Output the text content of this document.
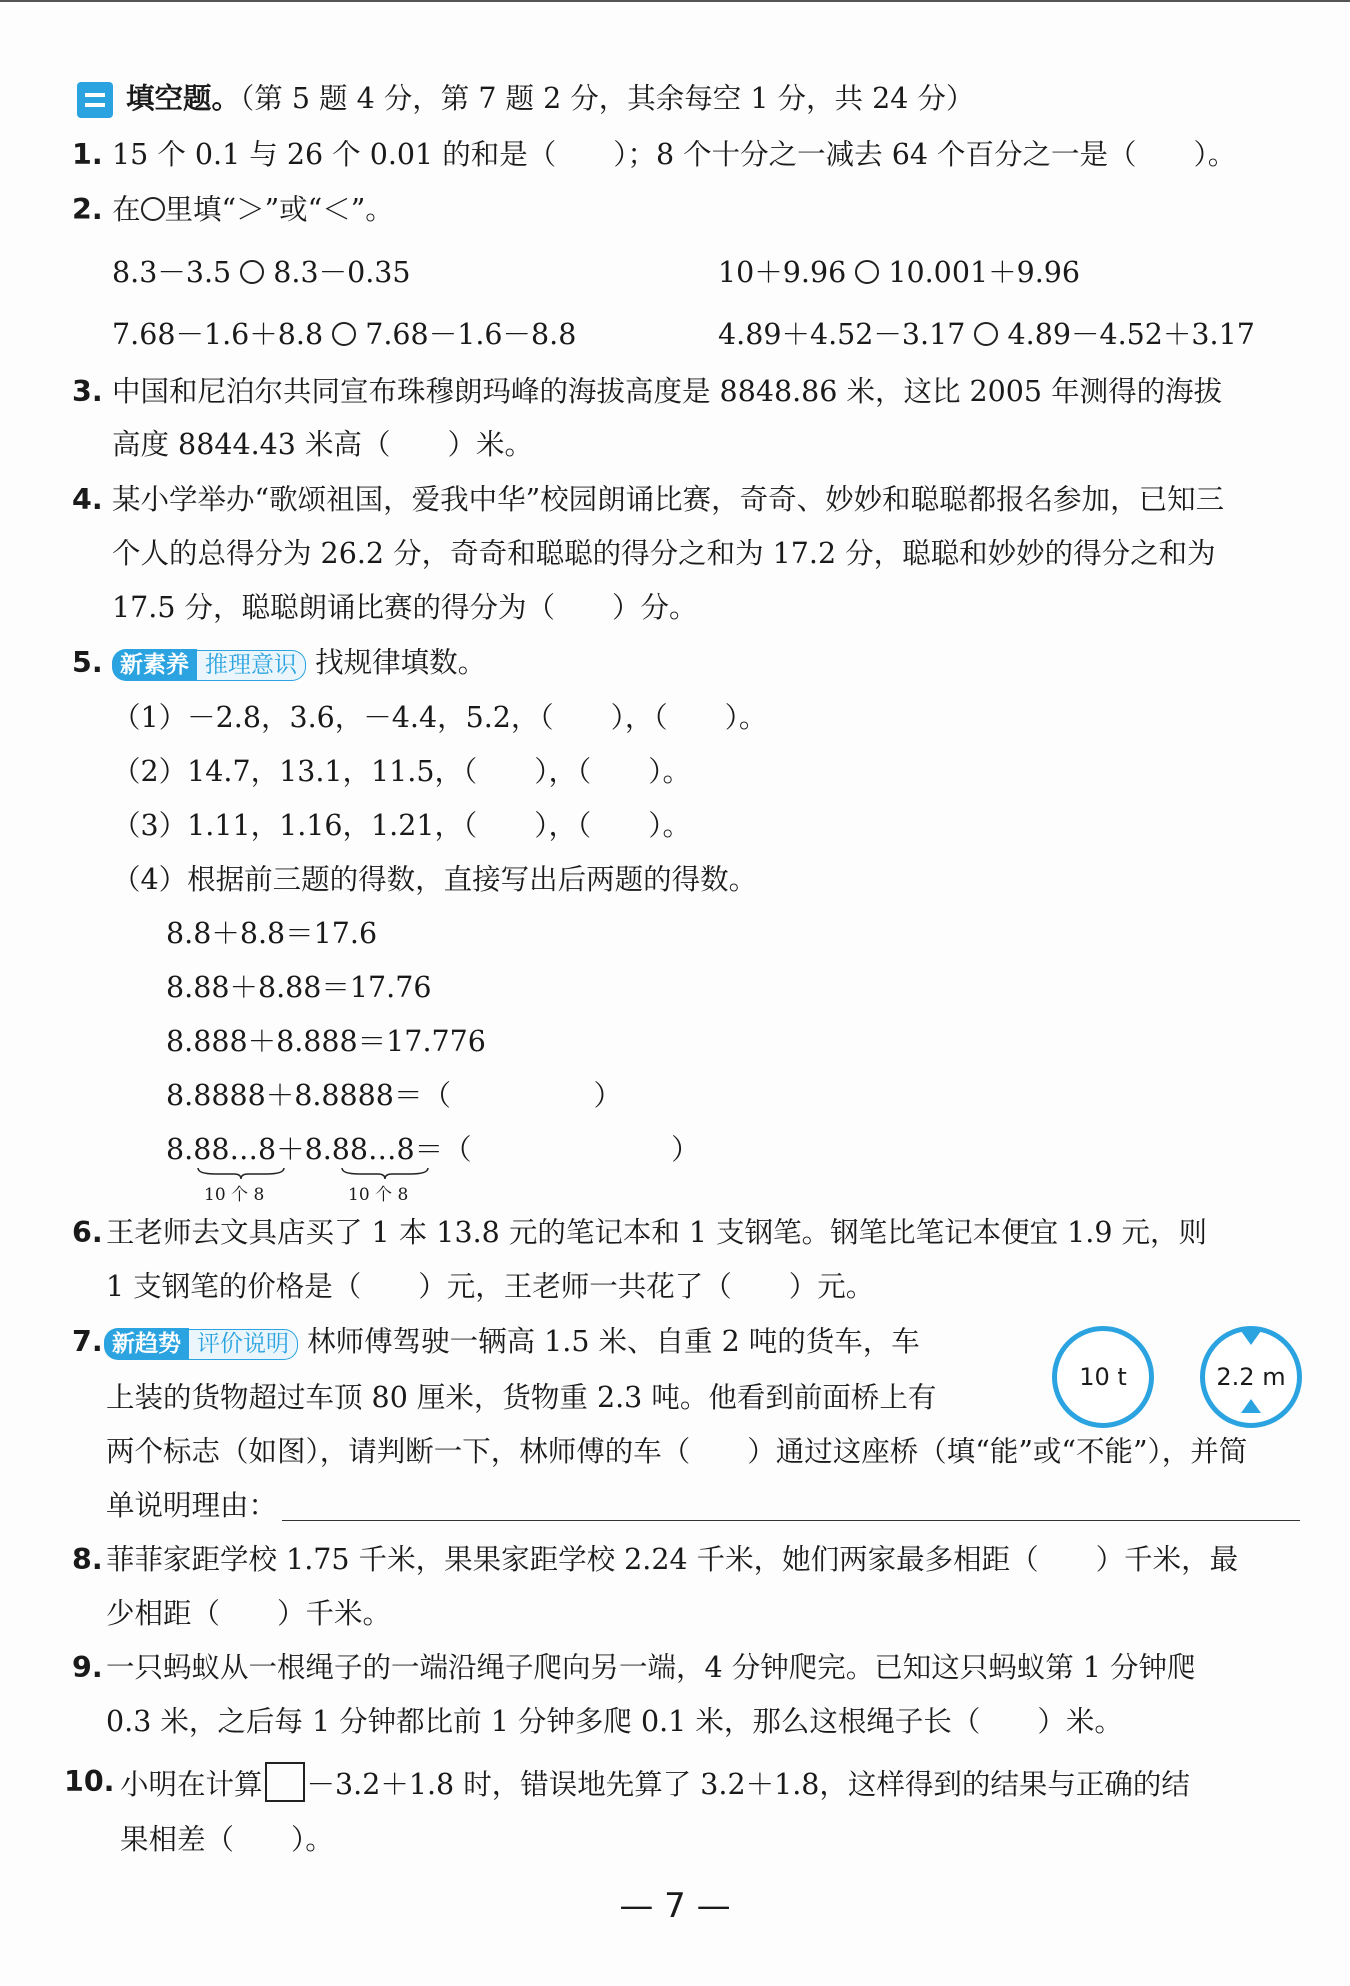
填空题。（第 5 题 4 分，第 7 题 2 分，其余每空 1 分，共 24 分）
1. 15 个 0.1 与 26 个 0.01 的和是（　　）；8 个十分之一减去 64 个百分之一是（　　）。
2. 在 里填“＞”或“＜”。
8.3－3.5 8.3－0.35	10＋9.96 10.001＋9.96
7.68－1.6＋8.8 7.68－1.6－8.8	4.89＋4.52－3.17 4.89－4.52＋3.17
3. 中国和尼泊尔共同宣布珠穆朗玛峰的海拔高度是 8848.86 米，这比 2005 年测得的海拔
高度 8844.43 米高（　　）米。
4. 某小学举办“歌颂祖国，爱我中华”校园朗诵比赛，奇奇、妙妙和聪聪都报名参加，已知三
个人的总得分为 26.2 分，奇奇和聪聪的得分之和为 17.2 分，聪聪和妙妙的得分之和为
17.5 分，聪聪朗诵比赛的得分为（　　）分。
5. 新素养 推理意识 找规律填数。
（1）－2.8，3.6，－4.4，5.2，（　　），（　　）。
（2）14.7，13.1，11.5，（　　），（　　）。
（3）1.11，1.16，1.21，（　　），（　　）。
（4）根据前三题的得数，直接写出后两题的得数。
8.8＋8.8＝17.6
8.88＋8.88＝17.76
8.888＋8.888＝17.776
8.8888＋8.8888＝（　　　　　）
8.88…8＋8.88…8＝（　　　　　　　）
10 个 8	10 个 8
6. 王老师去文具店买了 1 本 13.8 元的笔记本和 1 支钢笔。钢笔比笔记本便宜 1.9 元，则
1 支钢笔的价格是（　　）元，王老师一共花了（　　）元。
7. 新趋势 评价说明 林师傅驾驶一辆高 1.5 米、自重 2 吨的货车，车
上装的货物超过车顶 80 厘米，货物重 2.3 吨。他看到前面桥上有
两个标志（如图），请判断一下，林师傅的车（　　）通过这座桥（填“能”或“不能”），并简
单说明理由：
10 t	2.2 m
8. 菲菲家距学校 1.75 千米，果果家距学校 2.24 千米，她们两家最多相距（　　）千米，最
少相距（　　）千米。
9. 一只蚂蚁从一根绳子的一端沿绳子爬向另一端，4 分钟爬完。已知这只蚂蚁第 1 分钟爬
0.3 米，之后每 1 分钟都比前 1 分钟多爬 0.1 米，那么这根绳子长（　　）米。
10. 小明在计算 －3.2＋1.8 时，错误地先算了 3.2＋1.8，这样得到的结果与正确的结
果相差（　　）。
— 7 —
